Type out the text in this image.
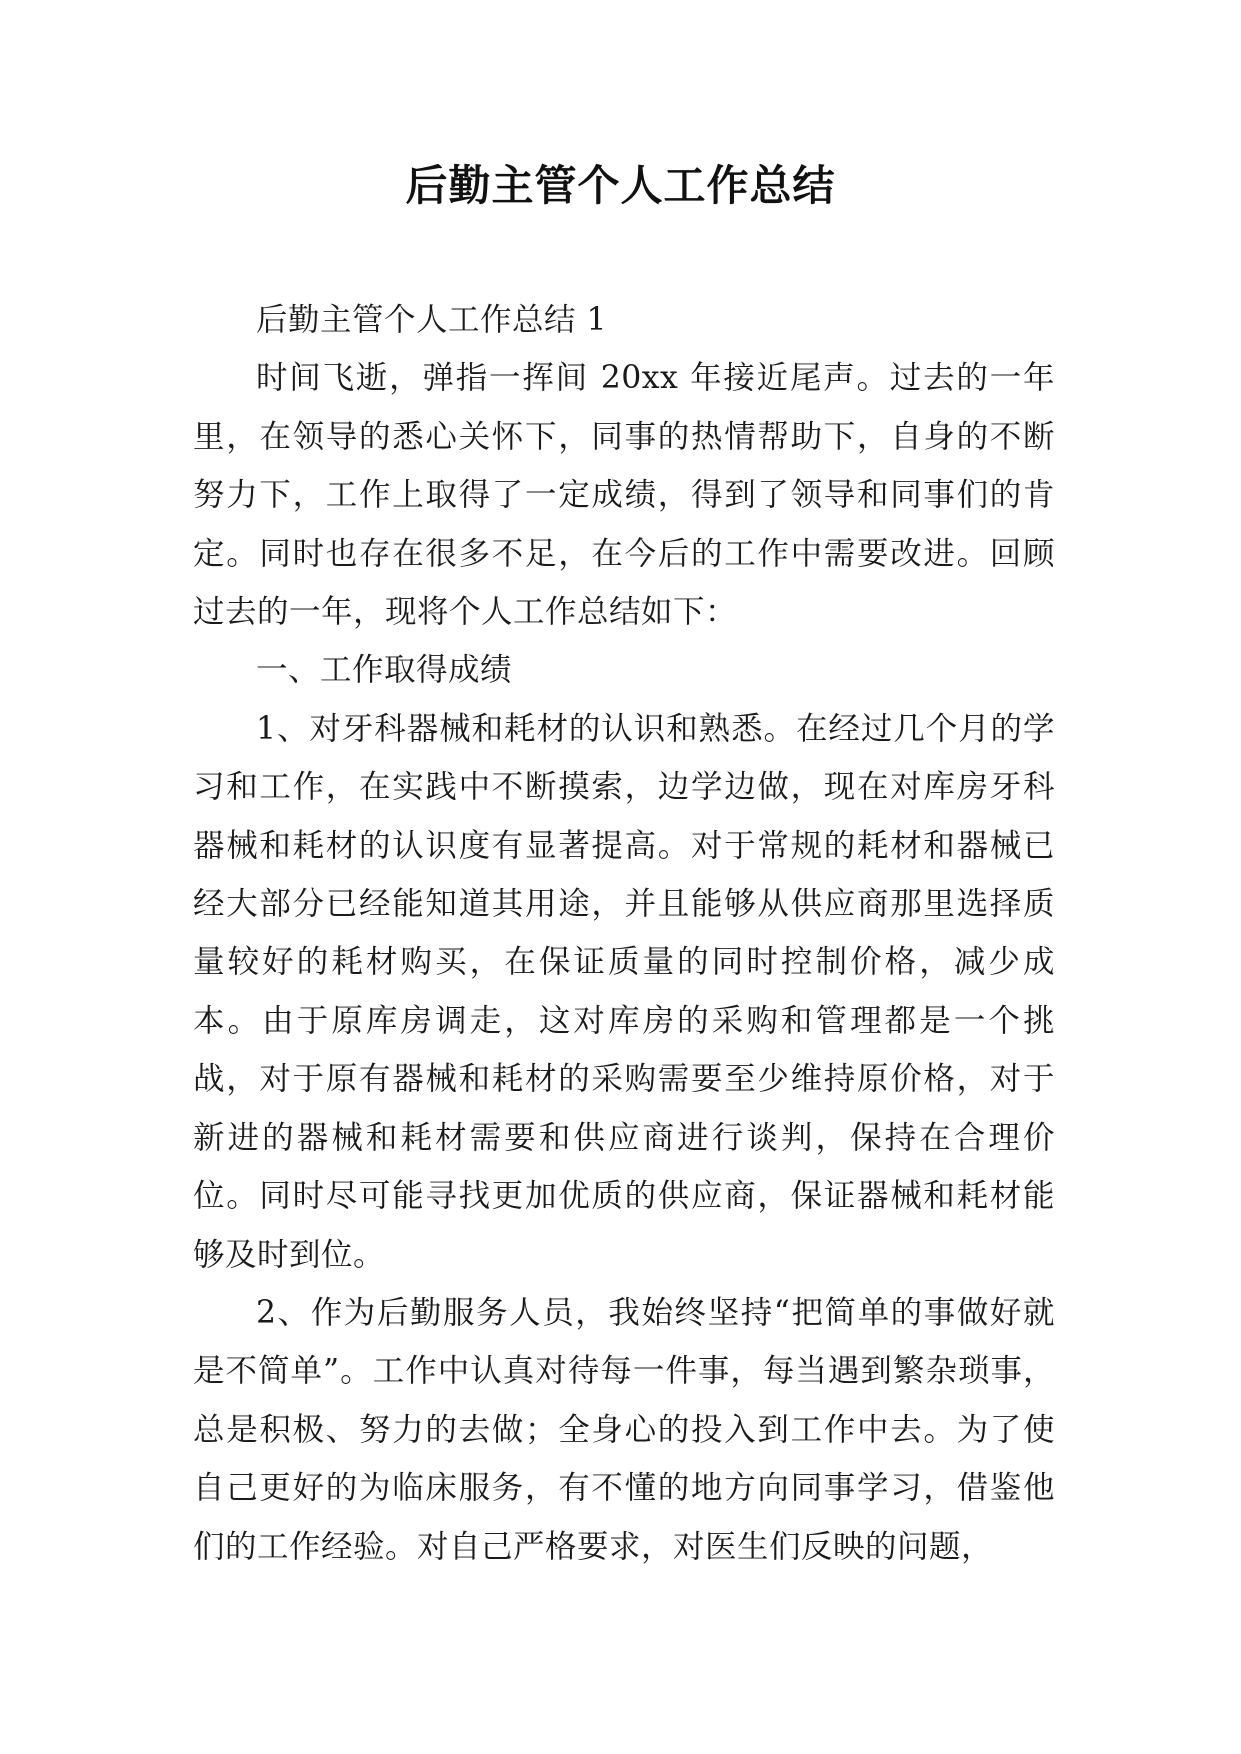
后勤主管个人工作总结

后勤主管个人工作总结 1

时间飞逝，弹指一挥间 20xx 年接近尾声。过去的一年里，在领导的悉心关怀下，同事的热情帮助下，自身的不断努力下，工作上取得了一定成绩，得到了领导和同事们的肯定。同时也存在很多不足，在今后的工作中需要改进。回顾过去的一年，现将个人工作总结如下：

一、工作取得成绩

1、对牙科器械和耗材的认识和熟悉。在经过几个月的学习和工作，在实践中不断摸索，边学边做，现在对库房牙科器械和耗材的认识度有显著提高。对于常规的耗材和器械已经大部分已经能知道其用途，并且能够从供应商那里选择质量较好的耗材购买，在保证质量的同时控制价格，减少成本。由于原库房调走，这对库房的采购和管理都是一个挑战，对于原有器械和耗材的采购需要至少维持原价格，对于新进的器械和耗材需要和供应商进行谈判，保持在合理价位。同时尽可能寻找更加优质的供应商，保证器械和耗材能够及时到位。

2、作为后勤服务人员，我始终坚持“把简单的事做好就是不简单”。工作中认真对待每一件事，每当遇到繁杂琐事，总是积极、努力的去做；全身心的投入到工作中去。为了使自己更好的为临床服务，有不懂的地方向同事学习，借鉴他们的工作经验。对自己严格要求，对医生们反映的问题，
